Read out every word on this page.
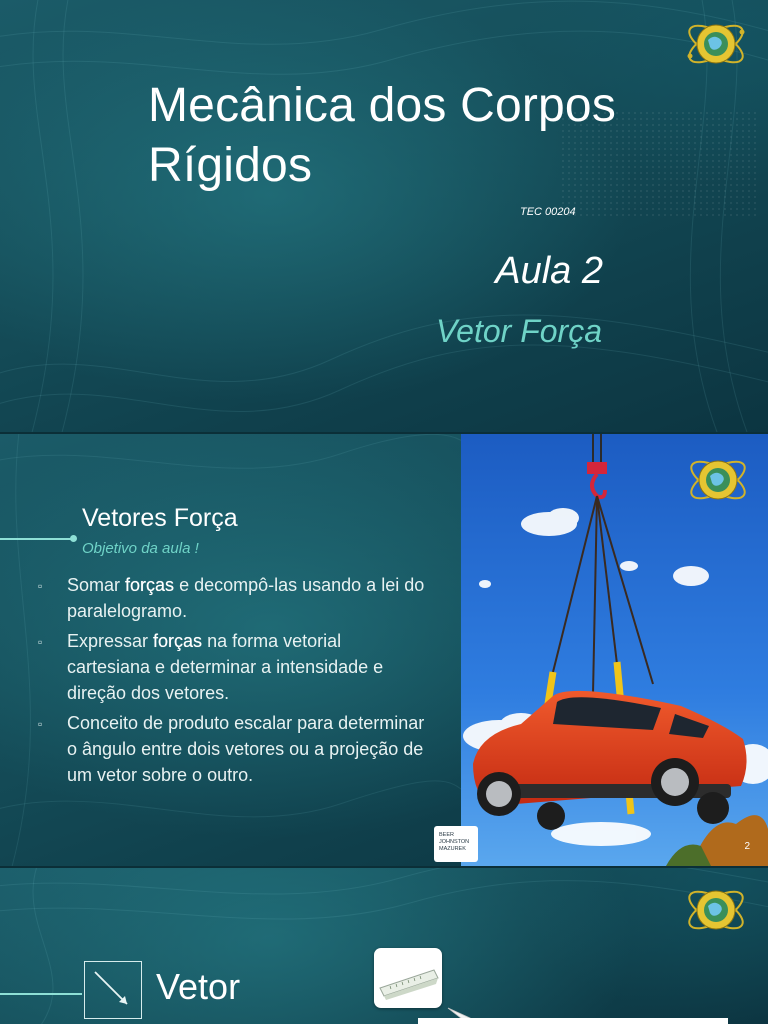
Mecânica dos Corpos Rígidos
TEC 00204
Aula 2
Vetor Força
Vetores Força
Objetivo da aula !
▫ Somar forças e decompô-las usando a lei do paralelogramo.
▫ Expressar forças na forma vetorial cartesiana e determinar a intensidade e direção dos vetores.
▫ Conceito de produto escalar para determinar o ângulo entre dois vetores ou a projeção de um vetor sobre o outro.
BEER
JOHNSTON
MAZUREK	2
Vetor
